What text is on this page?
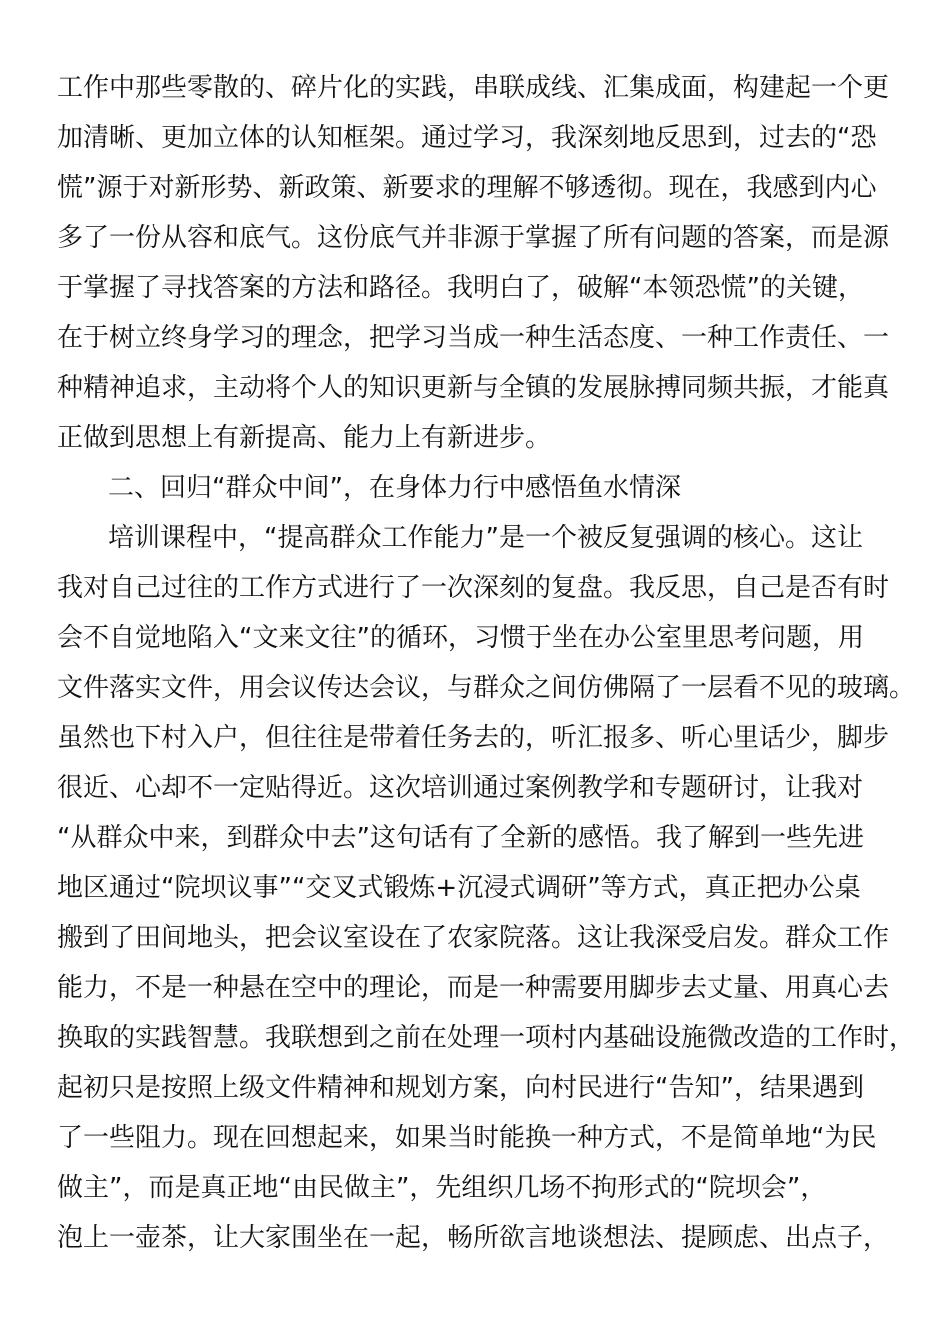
工作中那些零散的、碎片化的实践，串联成线、汇集成面，构建起一个更
加清晰、更加立体的认知框架。通过学习，我深刻地反思到，过去的“恐
慌”源于对新形势、新政策、新要求的理解不够透彻。现在，我感到内心
多了一份从容和底气。这份底气并非源于掌握了所有问题的答案，而是源
于掌握了寻找答案的方法和路径。我明白了，破解“本领恐慌”的关键，
在于树立终身学习的理念，把学习当成一种生活态度、一种工作责任、一
种精神追求，主动将个人的知识更新与全镇的发展脉搏同频共振，才能真
正做到思想上有新提高、能力上有新进步。
二、回归“群众中间”，在身体力行中感悟鱼水情深
培训课程中，“提高群众工作能力”是一个被反复强调的核心。这让
我对自己过往的工作方式进行了一次深刻的复盘。我反思，自己是否有时
会不自觉地陷入“文来文往”的循环，习惯于坐在办公室里思考问题，用
文件落实文件，用会议传达会议，与群众之间仿佛隔了一层看不见的玻璃。
虽然也下村入户，但往往是带着任务去的，听汇报多、听心里话少，脚步
很近、心却不一定贴得近。这次培训通过案例教学和专题研讨，让我对
“从群众中来，到群众中去”这句话有了全新的感悟。我了解到一些先进
地区通过“院坝议事”“交叉式锻炼+沉浸式调研”等方式，真正把办公桌
搬到了田间地头，把会议室设在了农家院落。这让我深受启发。群众工作
能力，不是一种悬在空中的理论，而是一种需要用脚步去丈量、用真心去
换取的实践智慧。我联想到之前在处理一项村内基础设施微改造的工作时，
起初只是按照上级文件精神和规划方案，向村民进行“告知”，结果遇到
了一些阻力。现在回想起来，如果当时能换一种方式，不是简单地“为民
做主”，而是真正地“由民做主”，先组织几场不拘形式的“院坝会”，
泡上一壶茶，让大家围坐在一起，畅所欲言地谈想法、提顾虑、出点子，
